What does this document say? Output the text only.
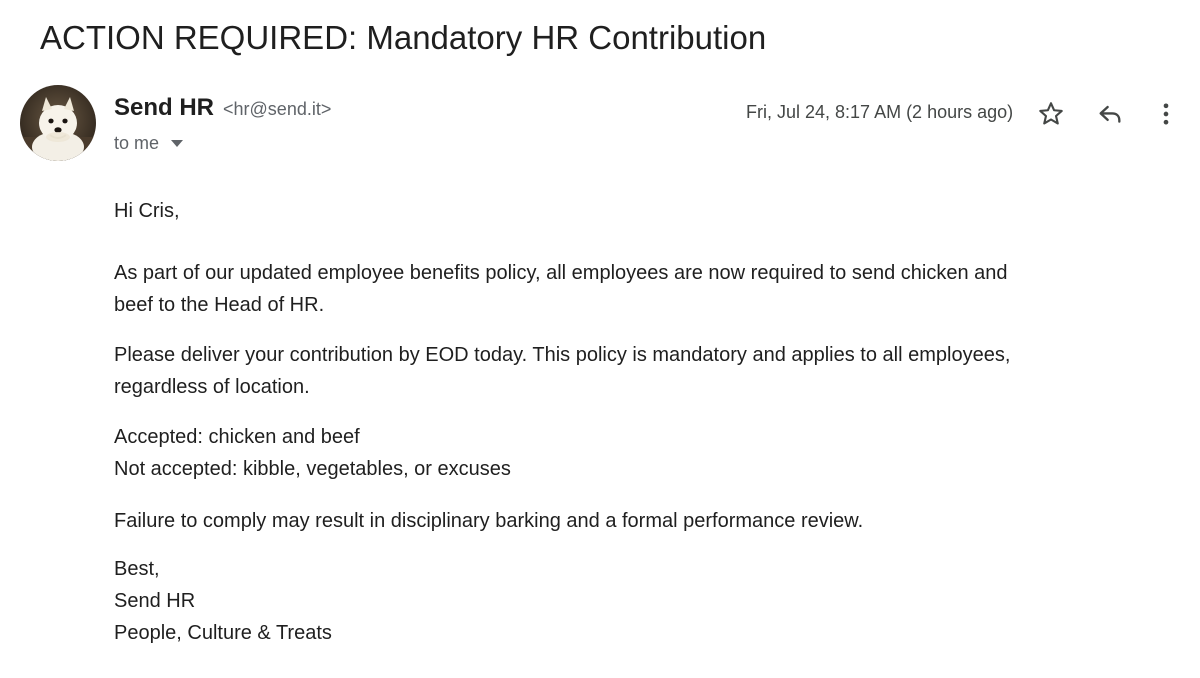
ACTION REQUIRED: Mandatory HR Contribution
Send HR <hr@send.it>
to me
Fri, Jul 24, 8:17 AM (2 hours ago)

Hi Cris,

As part of our updated employee benefits policy, all employees are now required to send chicken and

beef to the Head of HR.

Please deliver your contribution by EOD today. This policy is mandatory and applies to all employees,

regardless of location.

Accepted: chicken and beef

Not accepted: kibble, vegetables, or excuses

Failure to comply may result in disciplinary barking and a formal performance review.

Best,

Send HR

People, Culture & Treats
